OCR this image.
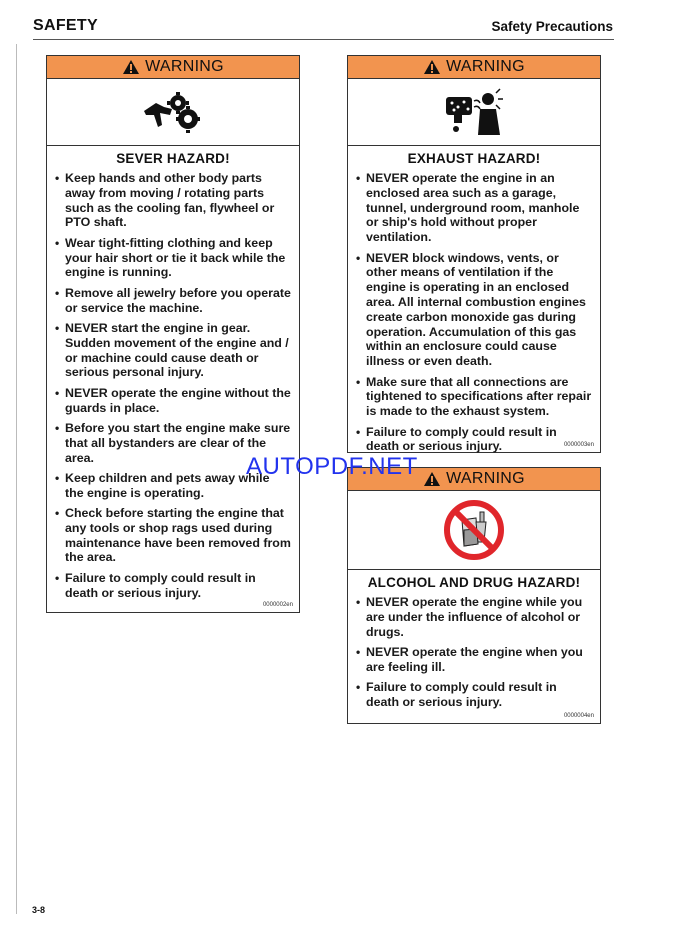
SAFETY	Safety Precautions
WARNING
SEVER HAZARD!
• Keep hands and other body parts away from moving / rotating parts such as the cooling fan, flywheel or PTO shaft.
• Wear tight-fitting clothing and keep your hair short or tie it back while the engine is running.
• Remove all jewelry before you operate or service the machine.
• NEVER start the engine in gear. Sudden movement of the engine and / or machine could cause death or serious personal injury.
• NEVER operate the engine without the guards in place.
• Before you start the engine make sure that all bystanders are clear of the area.
• Keep children and pets away while the engine is operating.
• Check before starting the engine that any tools or shop rags used during maintenance have been removed from the area.
• Failure to comply could result in death or serious injury.
0000002en
WARNING
EXHAUST HAZARD!
• NEVER operate the engine in an enclosed area such as a garage, tunnel, underground room, manhole or ship's hold without proper ventilation.
• NEVER block windows, vents, or other means of ventilation if the engine is operating in an enclosed area. All internal combustion engines create carbon monoxide gas during operation. Accumulation of this gas within an enclosure could cause illness or even death.
• Make sure that all connections are tightened to specifications after repair is made to the exhaust system.
• Failure to comply could result in death or serious injury.	0000003en
WARNING
ALCOHOL AND DRUG HAZARD!
• NEVER operate the engine while you are under the influence of alcohol or drugs.
• NEVER operate the engine when you are feeling ill.
• Failure to comply could result in death or serious injury.
0000004en
AUTOPDF.NET
3-8
